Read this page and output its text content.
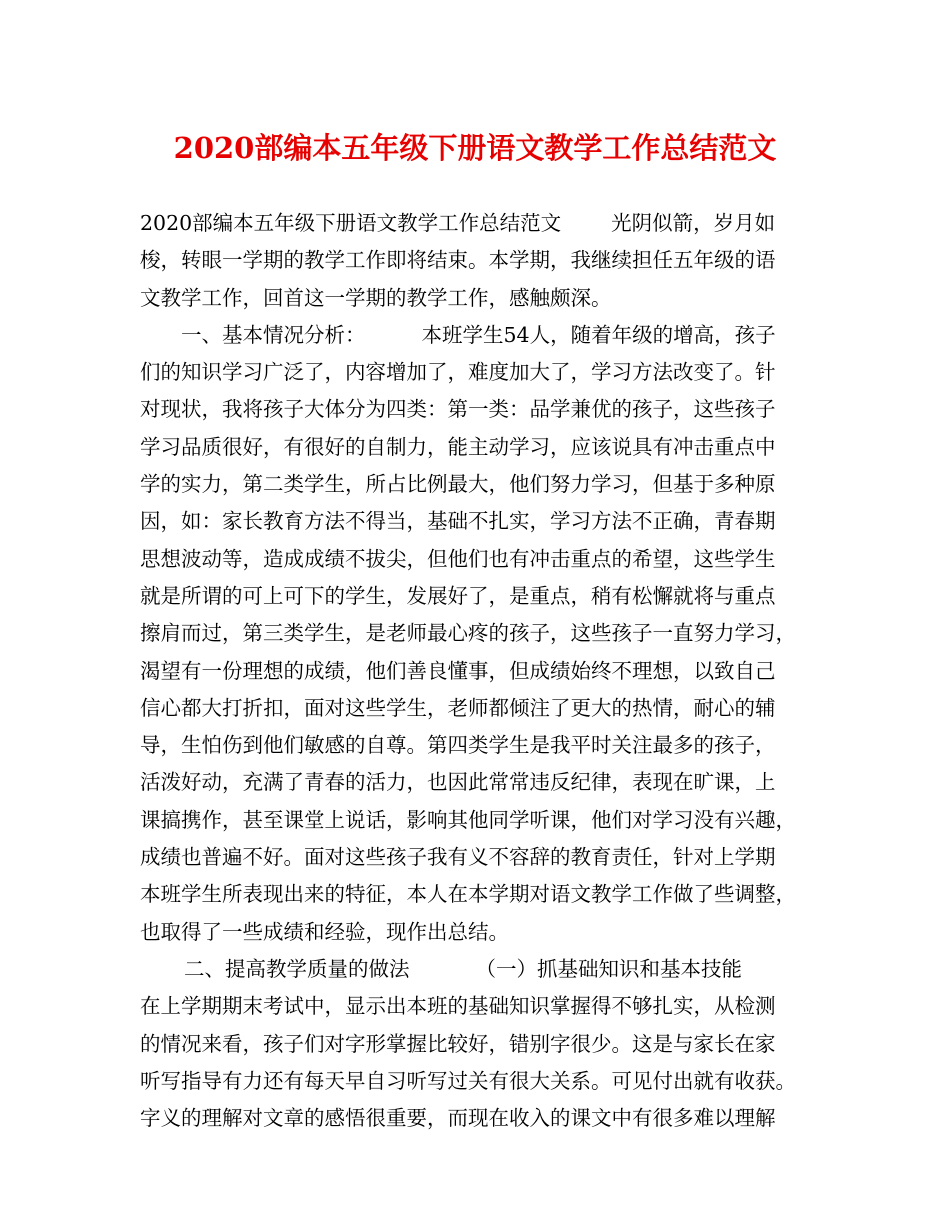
2020部编本五年级下册语文教学工作总结范文
2020部编本五年级下册语文教学工作总结范文 光阴似箭，岁月如
梭，转眼一学期的教学工作即将结束。本学期，我继续担任五年级的语
文教学工作，回首这一学期的教学工作，感触颇深。
一、基本情况分析：	本班学生54人，随着年级的增高，孩子
们的知识学习广泛了，内容增加了，难度加大了，学习方法改变了。针
对现状，我将孩子大体分为四类：第一类：品学兼优的孩子，这些孩子
学习品质很好，有很好的自制力，能主动学习，应该说具有冲击重点中
学的实力，第二类学生，所占比例最大，他们努力学习，但基于多种原
因，如：家长教育方法不得当，基础不扎实，学习方法不正确，青春期
思想波动等，造成成绩不拔尖，但他们也有冲击重点的希望，这些学生
就是所谓的可上可下的学生，发展好了，是重点，稍有松懈就将与重点
擦肩而过，第三类学生，是老师最心疼的孩子，这些孩子一直努力学习，
渴望有一份理想的成绩，他们善良懂事，但成绩始终不理想，以致自己
信心都大打折扣，面对这些学生，老师都倾注了更大的热情，耐心的辅
导，生怕伤到他们敏感的自尊。第四类学生是我平时关注最多的孩子，
活泼好动，充满了青春的活力，也因此常常违反纪律，表现在旷课，上
课搞携作，甚至课堂上说话，影响其他同学听课，他们对学习没有兴趣，
成绩也普遍不好。面对这些孩子我有义不容辞的教育责任，针对上学期
本班学生所表现出来的特征，本人在本学期对语文教学工作做了些调整，
也取得了一些成绩和经验，现作出总结。
二、提高教学质量的做法	（一）抓基础知识和基本技能
在上学期期末考试中，显示出本班的基础知识掌握得不够扎实，从检测
的情况来看，孩子们对字形掌握比较好，错别字很少。这是与家长在家
听写指导有力还有每天早自习听写过关有很大关系。可见付出就有收获。
字义的理解对文章的感悟很重要，而现在收入的课文中有很多难以理解
